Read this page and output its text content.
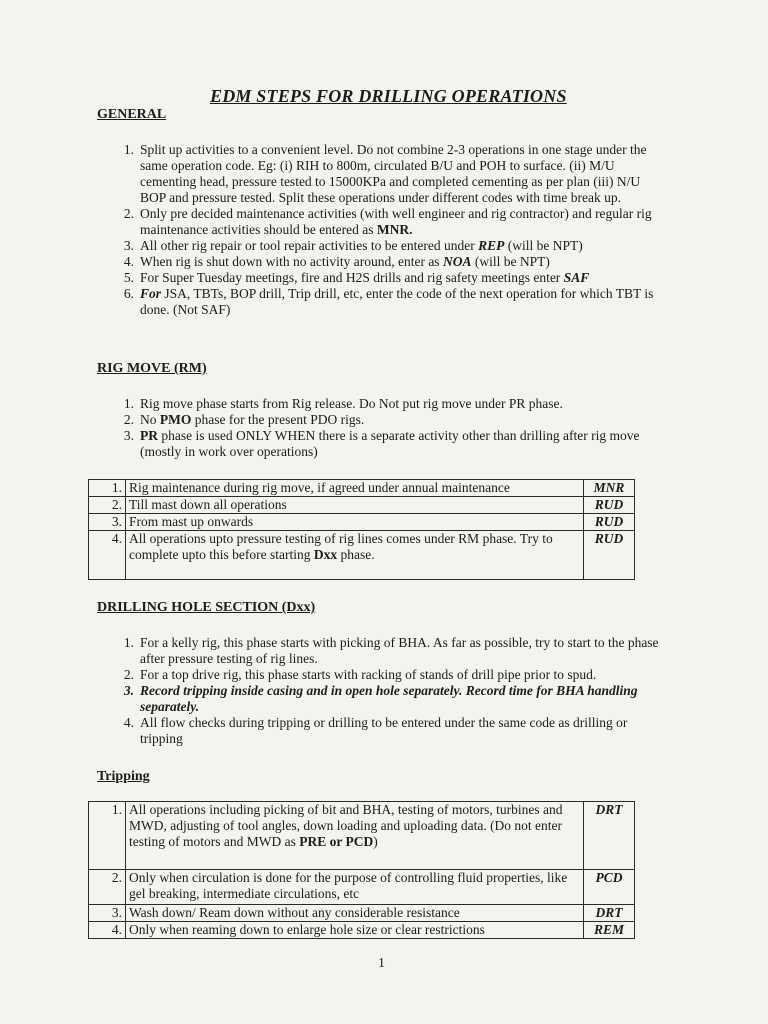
EDM STEPS FOR DRILLING OPERATIONS
GENERAL
1. Split up activities to a convenient level. Do not combine 2-3 operations in one stage under the same operation code. Eg: (i) RIH to 800m, circulated B/U and POH to surface. (ii) M/U cementing head, pressure tested to 15000KPa and completed cementing as per plan (iii) N/U BOP and pressure tested. Split these operations under different codes with time break up.
2. Only pre decided maintenance activities (with well engineer and rig contractor) and regular rig maintenance activities should be entered as MNR.
3. All other rig repair or tool repair activities to be entered under REP (will be NPT)
4. When rig is shut down with no activity around, enter as NOA (will be NPT)
5. For Super Tuesday meetings, fire and H2S drills and rig safety meetings enter SAF
6. For JSA, TBTs, BOP drill, Trip drill, etc, enter the code of the next operation for which TBT is done. (Not SAF)
RIG MOVE (RM)
1. Rig move phase starts from Rig release. Do Not put rig move under PR phase.
2. No PMO phase for the present PDO rigs.
3. PR phase is used ONLY WHEN there is a separate activity other than drilling after rig move (mostly in work over operations)
1.	Rig maintenance during rig move, if agreed under annual maintenance	MNR
2.	Till mast down all operations	RUD
3.	From mast up onwards	RUD
4.	All operations upto pressure testing of rig lines comes under RM phase. Try to complete upto this before starting Dxx phase.	RUD
DRILLING HOLE SECTION (Dxx)
1. For a kelly rig, this phase starts with picking of BHA. As far as possible, try to start to the phase after pressure testing of rig lines.
2. For a top drive rig, this phase starts with racking of stands of drill pipe prior to spud.
3. Record tripping inside casing and in open hole separately. Record time for BHA handling separately.
4. All flow checks during tripping or drilling to be entered under the same code as drilling or tripping
Tripping
1.	All operations including picking of bit and BHA, testing of motors, turbines and MWD, adjusting of tool angles, down loading and uploading data. (Do not enter testing of motors and MWD as PRE or PCD)	DRT
2.	Only when circulation is done for the purpose of controlling fluid properties, like gel breaking, intermediate circulations, etc	PCD
3.	Wash down/ Ream down without any considerable resistance	DRT
4.	Only when reaming down to enlarge hole size or clear restrictions	REM
1
